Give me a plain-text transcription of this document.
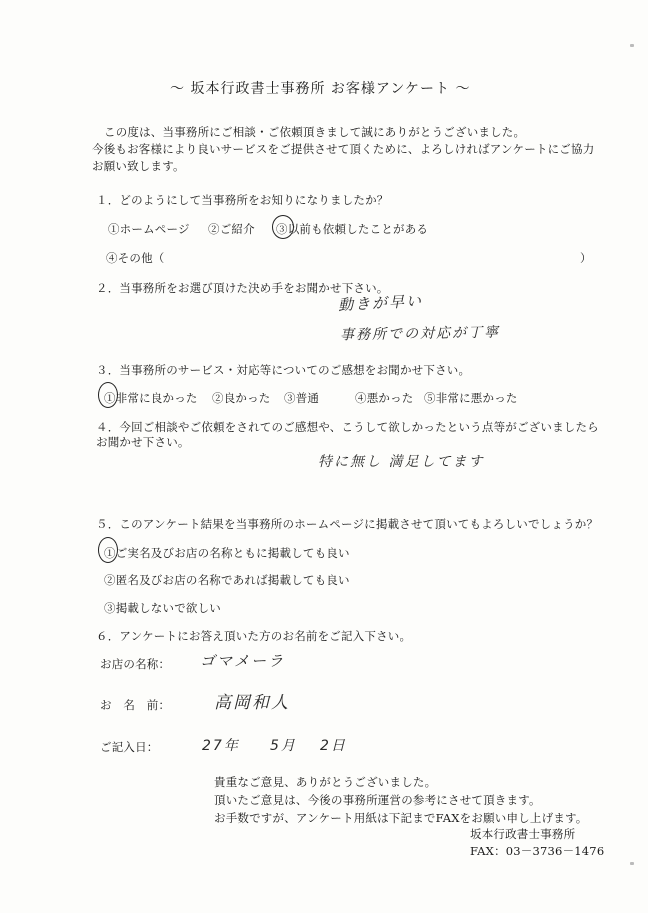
～ 坂本行政書士事務所 お客様アンケート ～
この度は、当事務所にご相談・ご依頼頂きまして誠にありがとうございました。
今後もお客様により良いサービスをご提供させて頂くために、よろしければアンケートにご協力
お願い致します。
１．どのようにして当事務所をお知りになりましたか？
①ホームページ ②ご紹介 ③以前も依頼したことがある
④その他（	）
２．当事務所をお選び頂けた決め手をお聞かせ下さい。
動きが早い
事務所での対応が丁寧
３．当事務所のサービス・対応等についてのご感想をお聞かせ下さい。
①非常に良かった ②良かった ③普通	④悪かった ⑤非常に悪かった
４．今回ご相談やご依頼をされてのご感想や、こうして欲しかったという点等がございましたら
お聞かせ下さい。
特に無し 満足してます
５．このアンケート結果を当事務所のホームページに掲載させて頂いてもよろしいでしょうか？
①ご実名及びお店の名称ともに掲載しても良い
②匿名及びお店の名称であれば掲載しても良い
③掲載しないで欲しい
６．アンケートにお答え頂いた方のお名前をご記入下さい。
お店の名称： ゴマメーラ
お　名　前：	高岡和人
ご記入日：	27年 5月 2日
貴重なご意見、ありがとうございました。
頂いたご意見は、今後の事務所運営の参考にさせて頂きます。
お手数ですが、アンケート用紙は下記までFAXをお願い申し上げます。
坂本行政書士事務所
FAX：03－3736－1476
